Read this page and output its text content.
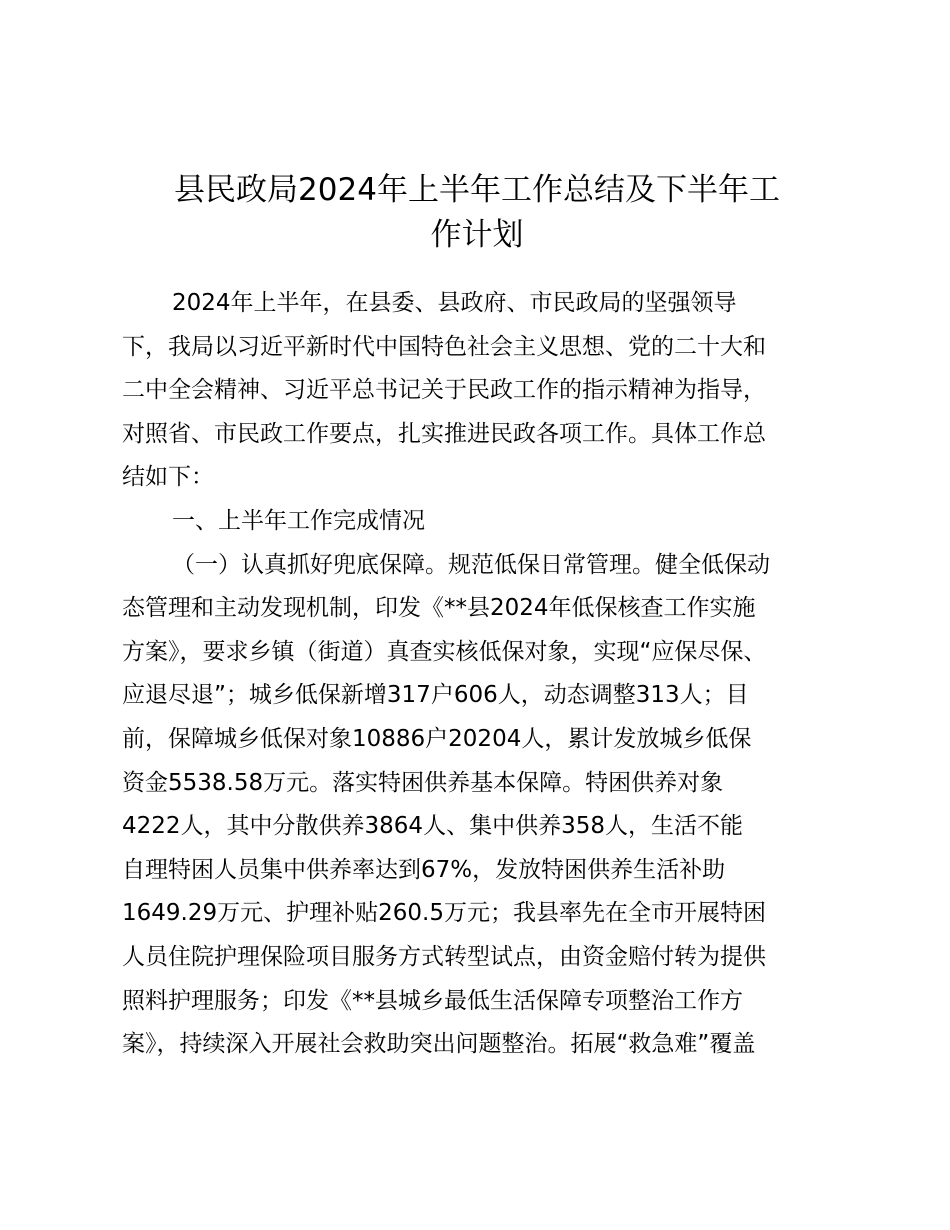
县民政局2024年上半年工作总结及下半年工
作计划
2024年上半年，在县委、县政府、市民政局的坚强领导
下，我局以习近平新时代中国特色社会主义思想、党的二十大和
二中全会精神、习近平总书记关于民政工作的指示精神为指导，
对照省、市民政工作要点，扎实推进民政各项工作。具体工作总
结如下：
一、上半年工作完成情况
（一）认真抓好兜底保障。规范低保日常管理。健全低保动
态管理和主动发现机制，印发《**县2024年低保核查工作实施
方案》，要求乡镇（街道）真查实核低保对象，实现“应保尽保、
应退尽退”；城乡低保新增317户606人，动态调整313人；目
前，保障城乡低保对象10886户20204人，累计发放城乡低保
资金5538.58万元。落实特困供养基本保障。特困供养对象
4222人，其中分散供养3864人、集中供养358人，生活不能
自理特困人员集中供养率达到67%，发放特困供养生活补助
1649.29万元、护理补贴260.5万元；我县率先在全市开展特困
人员住院护理保险项目服务方式转型试点，由资金赔付转为提供
照料护理服务；印发《**县城乡最低生活保障专项整治工作方
案》，持续深入开展社会救助突出问题整治。拓展“救急难”覆盖
